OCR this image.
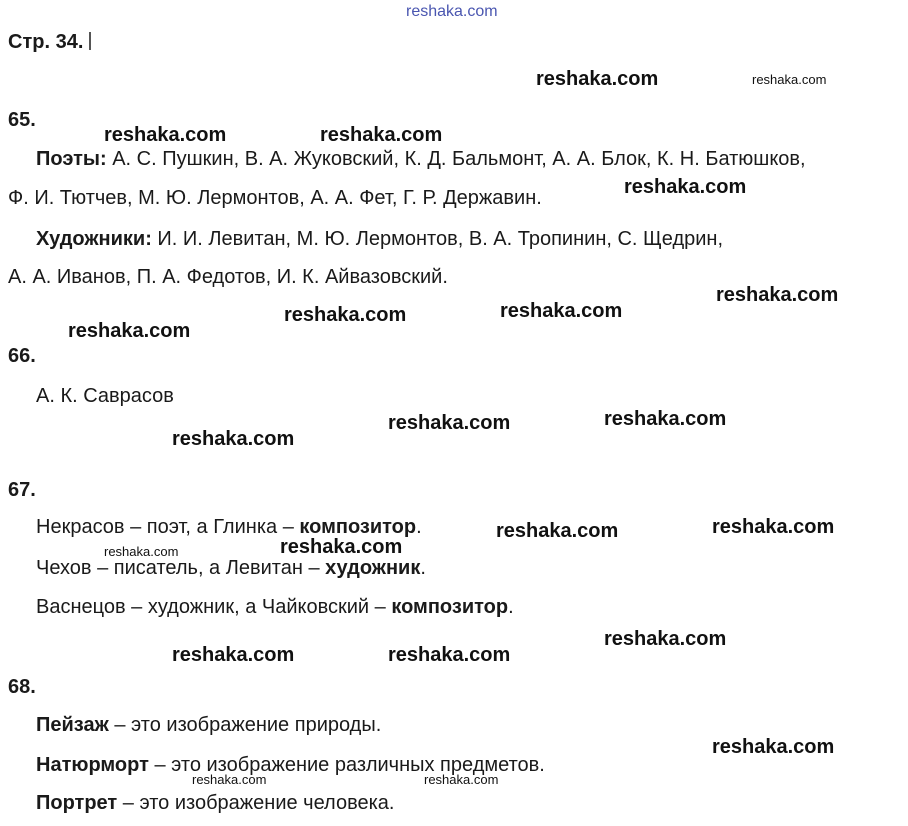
reshaka.com
Стр. 34.
65.
Поэты: А. С. Пушкин, В. А. Жуковский, К. Д. Бальмонт, А. А. Блок, К. Н. Батюшков,
Ф. И. Тютчев, М. Ю. Лермонтов, А. А. Фет, Г. Р. Державин.
Художники: И. И. Левитан, М. Ю. Лермонтов, В. А. Тропинин, С. Щедрин,
А. А. Иванов, П. А. Федотов, И. К. Айвазовский.
66.
А. К. Саврасов
67.
Некрасов – поэт, а Глинка – композитор.
Чехов – писатель, а Левитан – художник.
Васнецов – художник, а Чайковский – композитор.
68.
Пейзаж – это изображение природы.
Натюрморт – это изображение различных предметов.
Портрет – это изображение человека.
reshaka.com	reshaka.com
reshaka.com	reshaka.com
reshaka.com
reshaka.com
reshaka.com	reshaka.com
reshaka.com
reshaka.com	reshaka.com
reshaka.com
reshaka.com	reshaka.com
reshaka.com
reshaka.com
reshaka.com
reshaka.com	reshaka.com
reshaka.com
reshaka.com	reshaka.com
